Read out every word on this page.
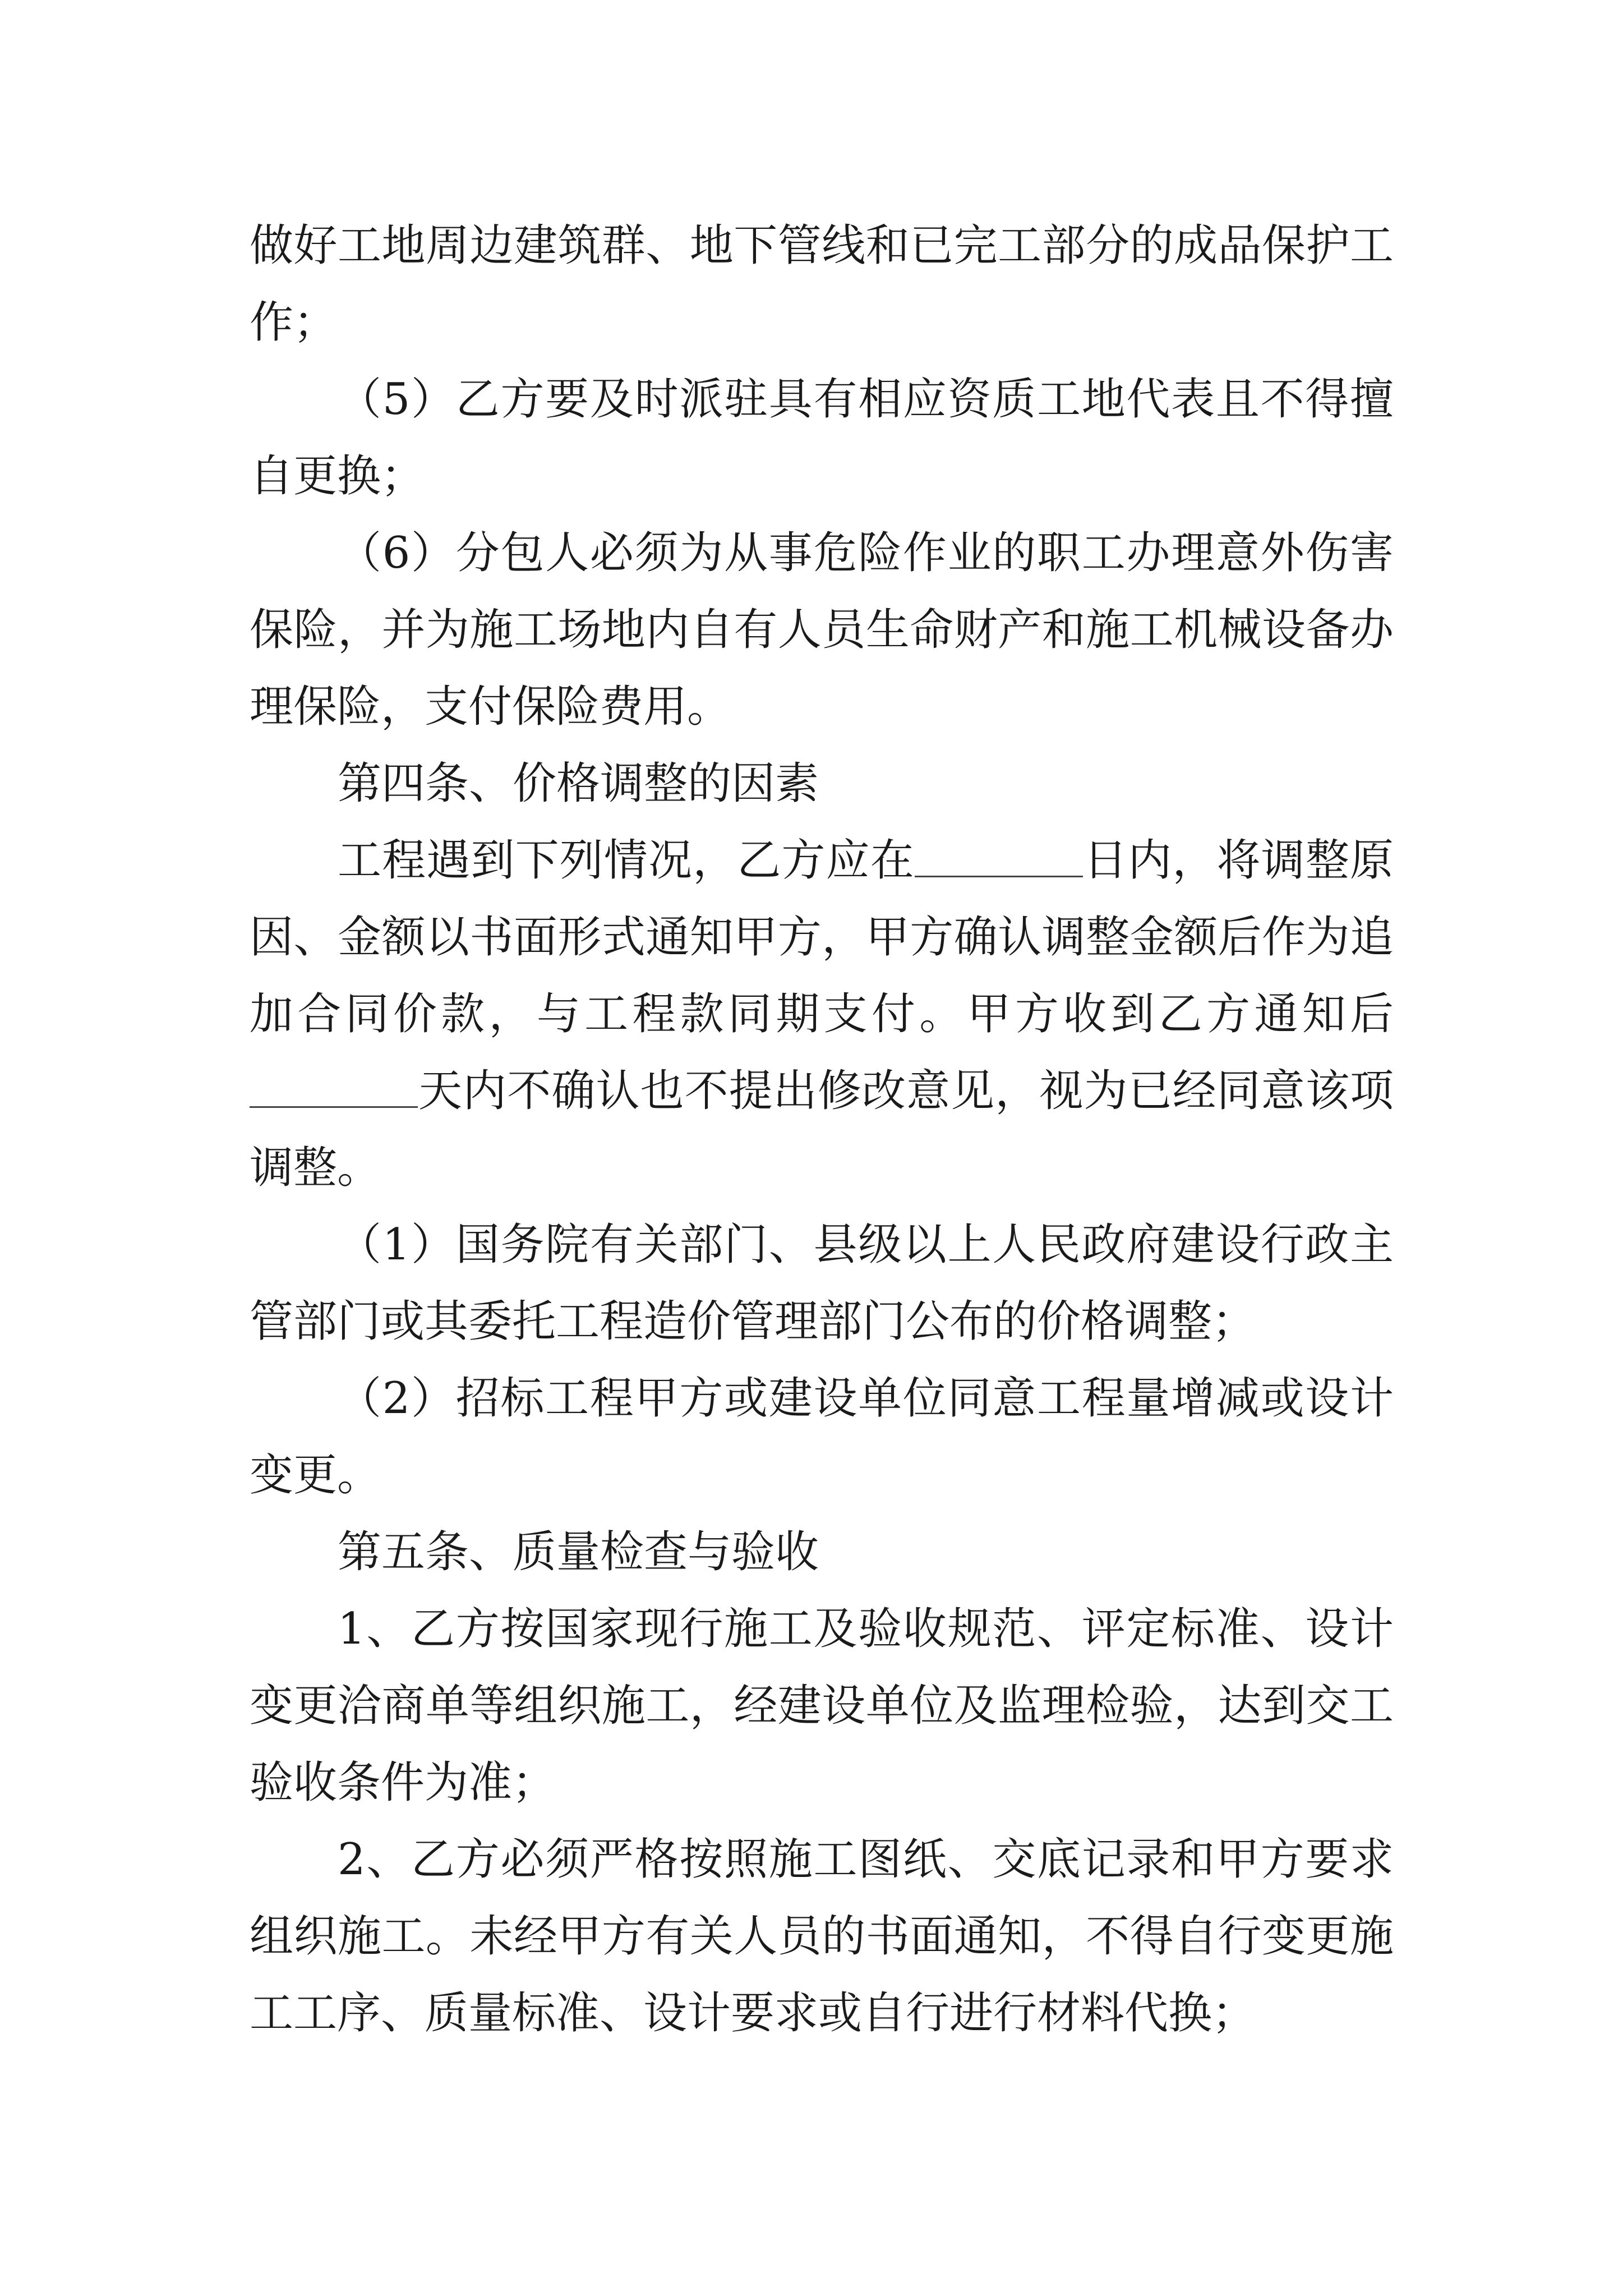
做好工地周边建筑群、地下管线和已完工部分的成品保护工
作；
（5）乙方要及时派驻具有相应资质工地代表且不得擅
自更换；
（6）分包人必须为从事危险作业的职工办理意外伤害
保险，并为施工场地内自有人员生命财产和施工机械设备办
理保险，支付保险费用。
第四条、价格调整的因素
工程遇到下列情况，乙方应在	日内，将调整原
因、金额以书面形式通知甲方，甲方确认调整金额后作为追
加合同价款，与工程款同期支付。甲方收到乙方通知后
天内不确认也不提出修改意见，视为已经同意该项
调整。
（1）国务院有关部门、县级以上人民政府建设行政主
管部门或其委托工程造价管理部门公布的价格调整；
（2）招标工程甲方或建设单位同意工程量增减或设计
变更。
第五条、质量检查与验收
1、乙方按国家现行施工及验收规范、评定标准、设计
变更洽商单等组织施工，经建设单位及监理检验，达到交工
验收条件为准；
2、乙方必须严格按照施工图纸、交底记录和甲方要求
组织施工。未经甲方有关人员的书面通知，不得自行变更施
工工序、质量标准、设计要求或自行进行材料代换；
